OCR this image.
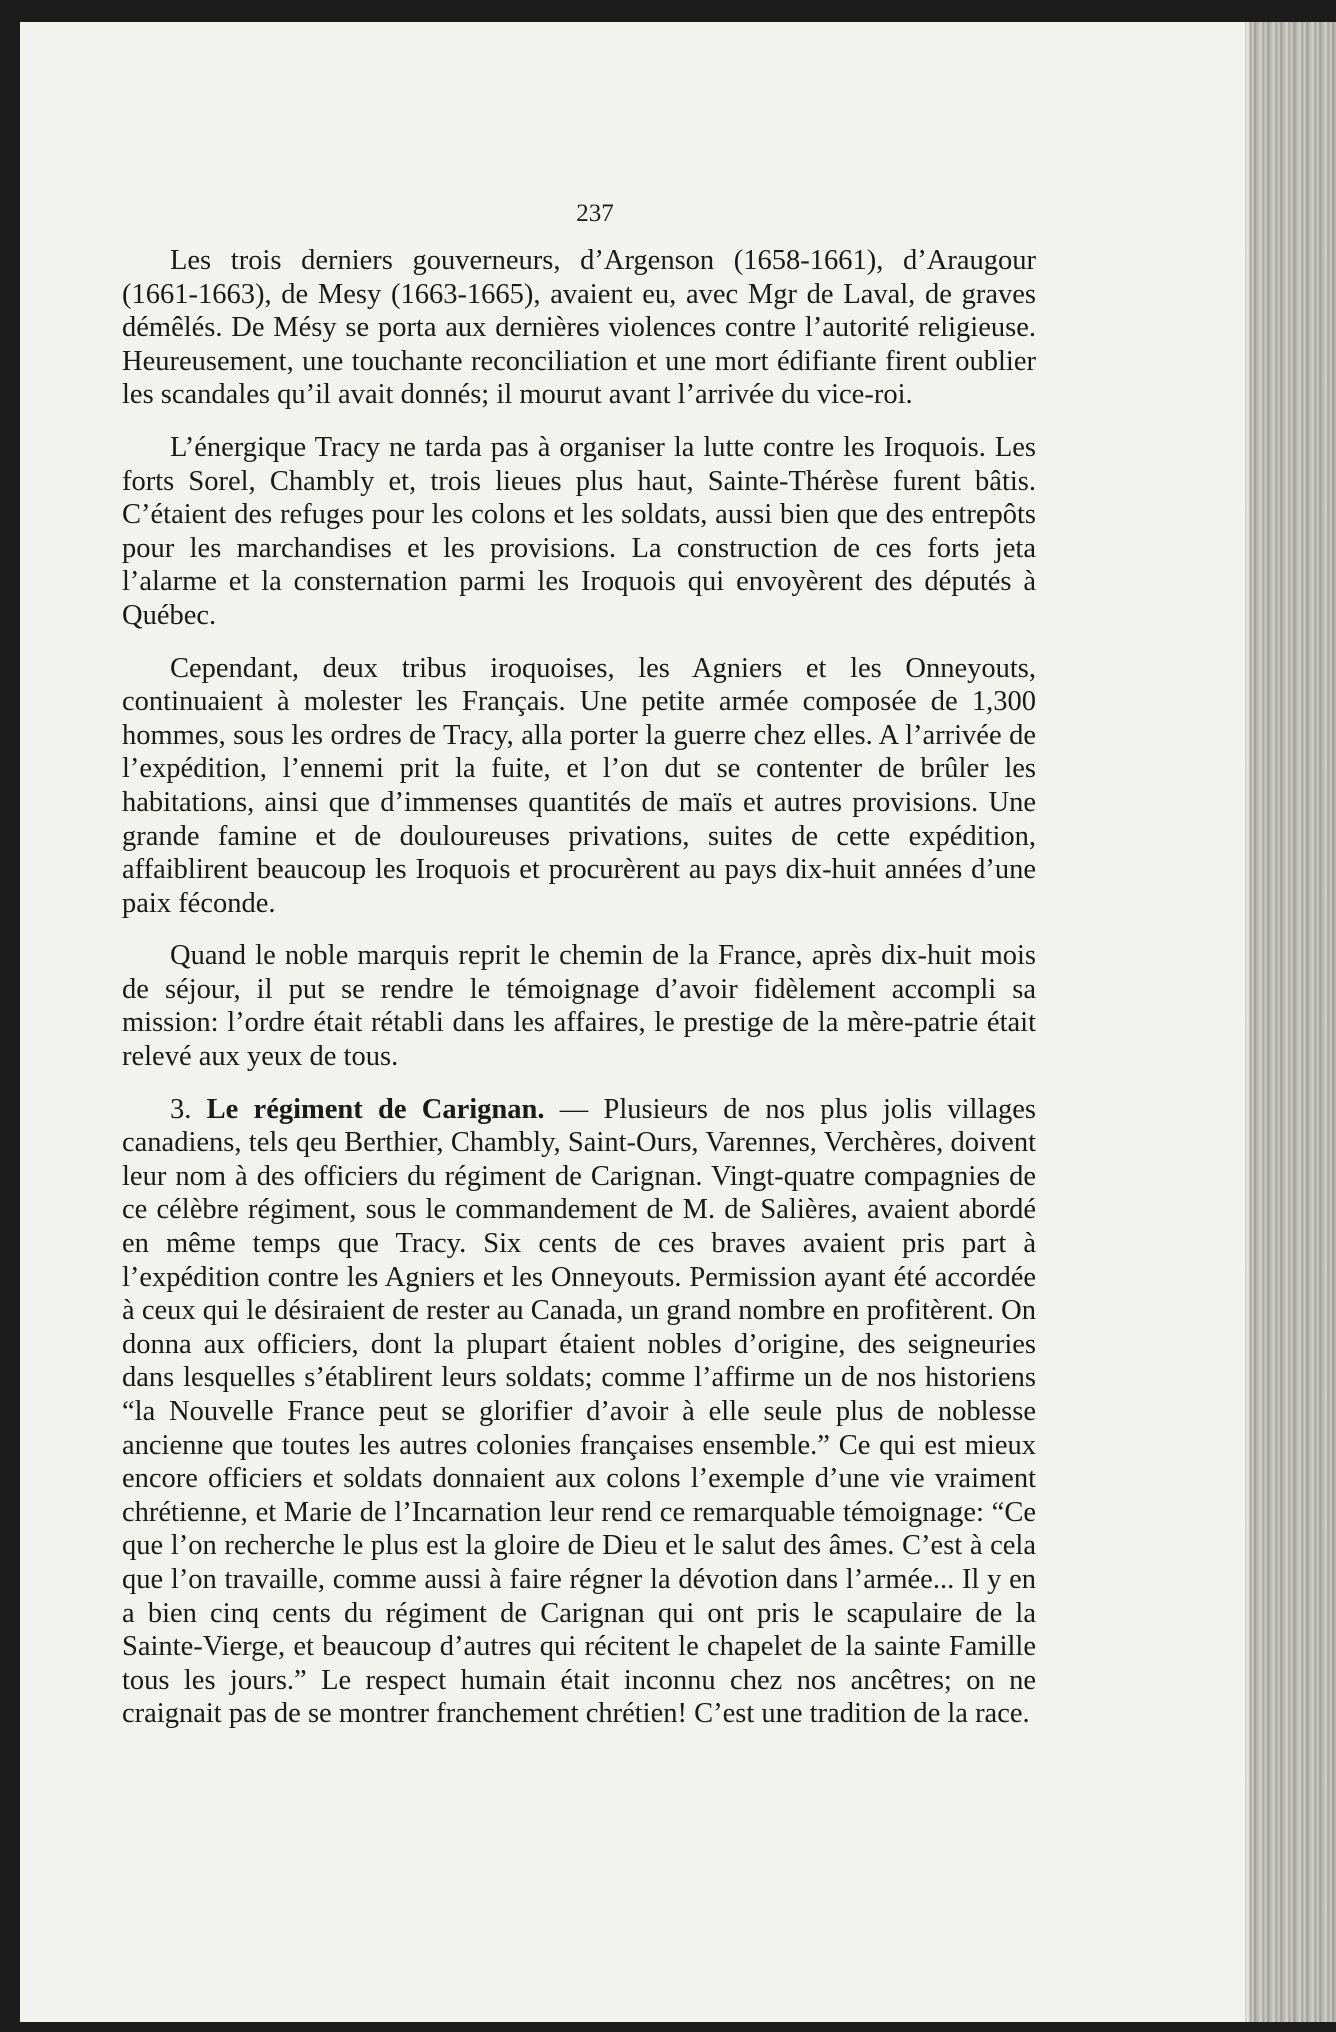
237

Les trois derniers gouverneurs, d’Argenson (1658-1661), d’Araugour (1661-1663), de Mesy (1663-1665), avaient eu, avec Mgr de Laval, de graves démêlés. De Mésy se porta aux dernières violences contre l’autorité religieuse. Heureusement, une touchante reconciliation et une mort édifiante firent oublier les scandales qu’il avait donnés; il mourut avant l’arrivée du vice-roi.

L’énergique Tracy ne tarda pas à organiser la lutte contre les Iroquois. Les forts Sorel, Chambly et, trois lieues plus haut, Sainte-Thérèse furent bâtis. C’étaient des refuges pour les colons et les soldats, aussi bien que des entrepôts pour les marchandises et les provisions. La construction de ces forts jeta l’alarme et la consternation parmi les Iroquois qui envoyèrent des députés à Québec.

Cependant, deux tribus iroquoises, les Agniers et les Onneyouts, continuaient à molester les Français. Une petite armée composée de 1,300 hommes, sous les ordres de Tracy, alla porter la guerre chez elles. A l’arrivée de l’expédition, l’ennemi prit la fuite, et l’on dut se contenter de brûler les habitations, ainsi que d’immenses quantités de maïs et autres provisions. Une grande famine et de douloureuses privations, suites de cette expédition, affaiblirent beaucoup les Iroquois et procurèrent au pays dix-huit années d’une paix féconde.

Quand le noble marquis reprit le chemin de la France, après dix-huit mois de séjour, il put se rendre le témoignage d’avoir fidèlement accompli sa mission: l’ordre était rétabli dans les affaires, le prestige de la mère-patrie était relevé aux yeux de tous.

3. Le régiment de Carignan. — Plusieurs de nos plus jolis villages canadiens, tels qeu Berthier, Chambly, Saint-Ours, Varennes, Verchères, doivent leur nom à des officiers du régiment de Carignan. Vingt-quatre compagnies de ce célèbre régiment, sous le commandement de M. de Salières, avaient abordé en même temps que Tracy. Six cents de ces braves avaient pris part à l’expédition contre les Agniers et les Onneyouts. Permission ayant été accordée à ceux qui le désiraient de rester au Canada, un grand nombre en profitèrent. On donna aux officiers, dont la plupart étaient nobles d’origine, des seigneuries dans lesquelles s’établirent leurs soldats; comme l’affirme un de nos historiens “la Nouvelle France peut se glorifier d’avoir à elle seule plus de noblesse ancienne que toutes les autres colonies françaises ensemble.” Ce qui est mieux encore officiers et soldats donnaient aux colons l’exemple d’une vie vraiment chrétienne, et Marie de l’Incarnation leur rend ce remarquable témoignage: “Ce que l’on recherche le plus est la gloire de Dieu et le salut des âmes. C’est à cela que l’on travaille, comme aussi à faire régner la dévotion dans l’armée... Il y en a bien cinq cents du régiment de Carignan qui ont pris le scapulaire de la Sainte-Vierge, et beaucoup d’autres qui récitent le chapelet de la sainte Famille tous les jours.” Le respect humain était inconnu chez nos ancêtres; on ne craignait pas de se montrer franchement chrétien! C’est une tradition de la race.
